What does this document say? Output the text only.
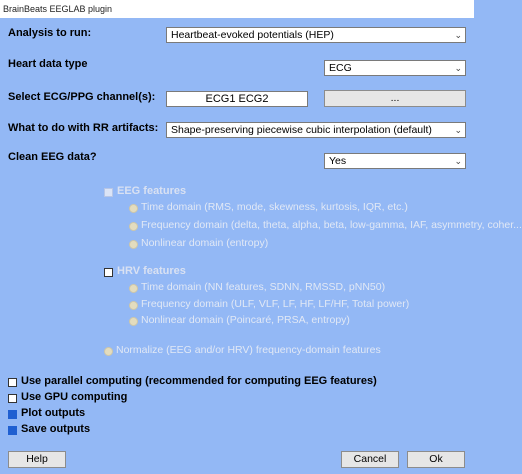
BrainBeats EEGLAB plugin
Analysis to run:	Heartbeat-evoked potentials (HEP)	⌄
Heart data type	ECG	⌄
Select ECG/PPG channel(s):	ECG1 ECG2	...
What to do with RR artifacts:	Shape-preserving piecewise cubic interpolation (default)	⌄
Clean EEG data?	Yes	⌄
EEG features
Time domain (RMS, mode, skewness, kurtosis, IQR, etc.)
Frequency domain (delta, theta, alpha, beta, low-gamma, IAF, asymmetry, coher...
Nonlinear domain (entropy)
HRV features
Time domain (NN features, SDNN, RMSSD, pNN50)
Frequency domain (ULF, VLF, LF, HF, LF/HF, Total power)
Nonlinear domain (Poincaré, PRSA, entropy)
Normalize (EEG and/or HRV) frequency-domain features
Use parallel computing (recommended for computing EEG features)
Use GPU computing
Plot outputs
Save outputs
Help	Cancel	Ok
